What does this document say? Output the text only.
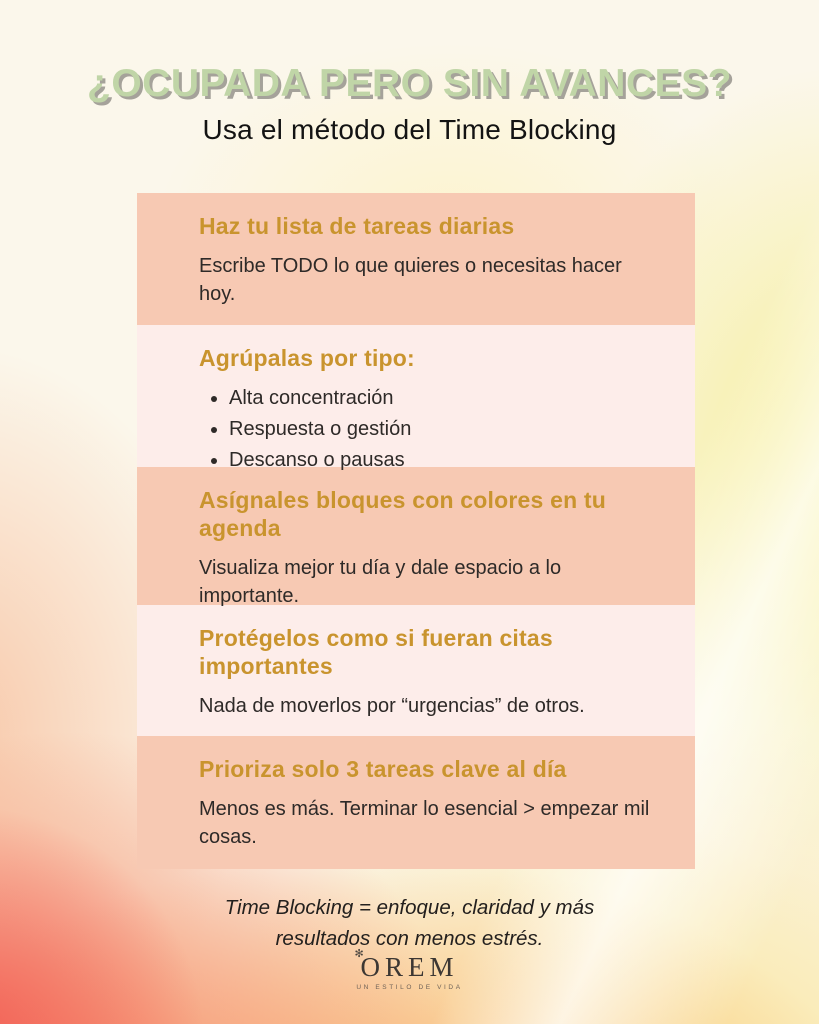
¿OCUPADA PERO SIN AVANCES?
Usa el método del Time Blocking
Haz tu lista de tareas diarias
Escribe TODO lo que quieres o necesitas hacer hoy.
Agrúpalas por tipo:
• Alta concentración
• Respuesta o gestión
• Descanso o pausas
Asígnales bloques con colores en tu agenda
Visualiza mejor tu día y dale espacio a lo importante.
Protégelos como si fueran citas importantes
Nada de moverlos por “urgencias” de otros.
Prioriza solo 3 tareas clave al día
Menos es más. Terminar lo esencial > empezar mil cosas.
Time Blocking = enfoque, claridad y más
resultados con menos estrés.
✻
OREM
UN ESTILO DE VIDA
